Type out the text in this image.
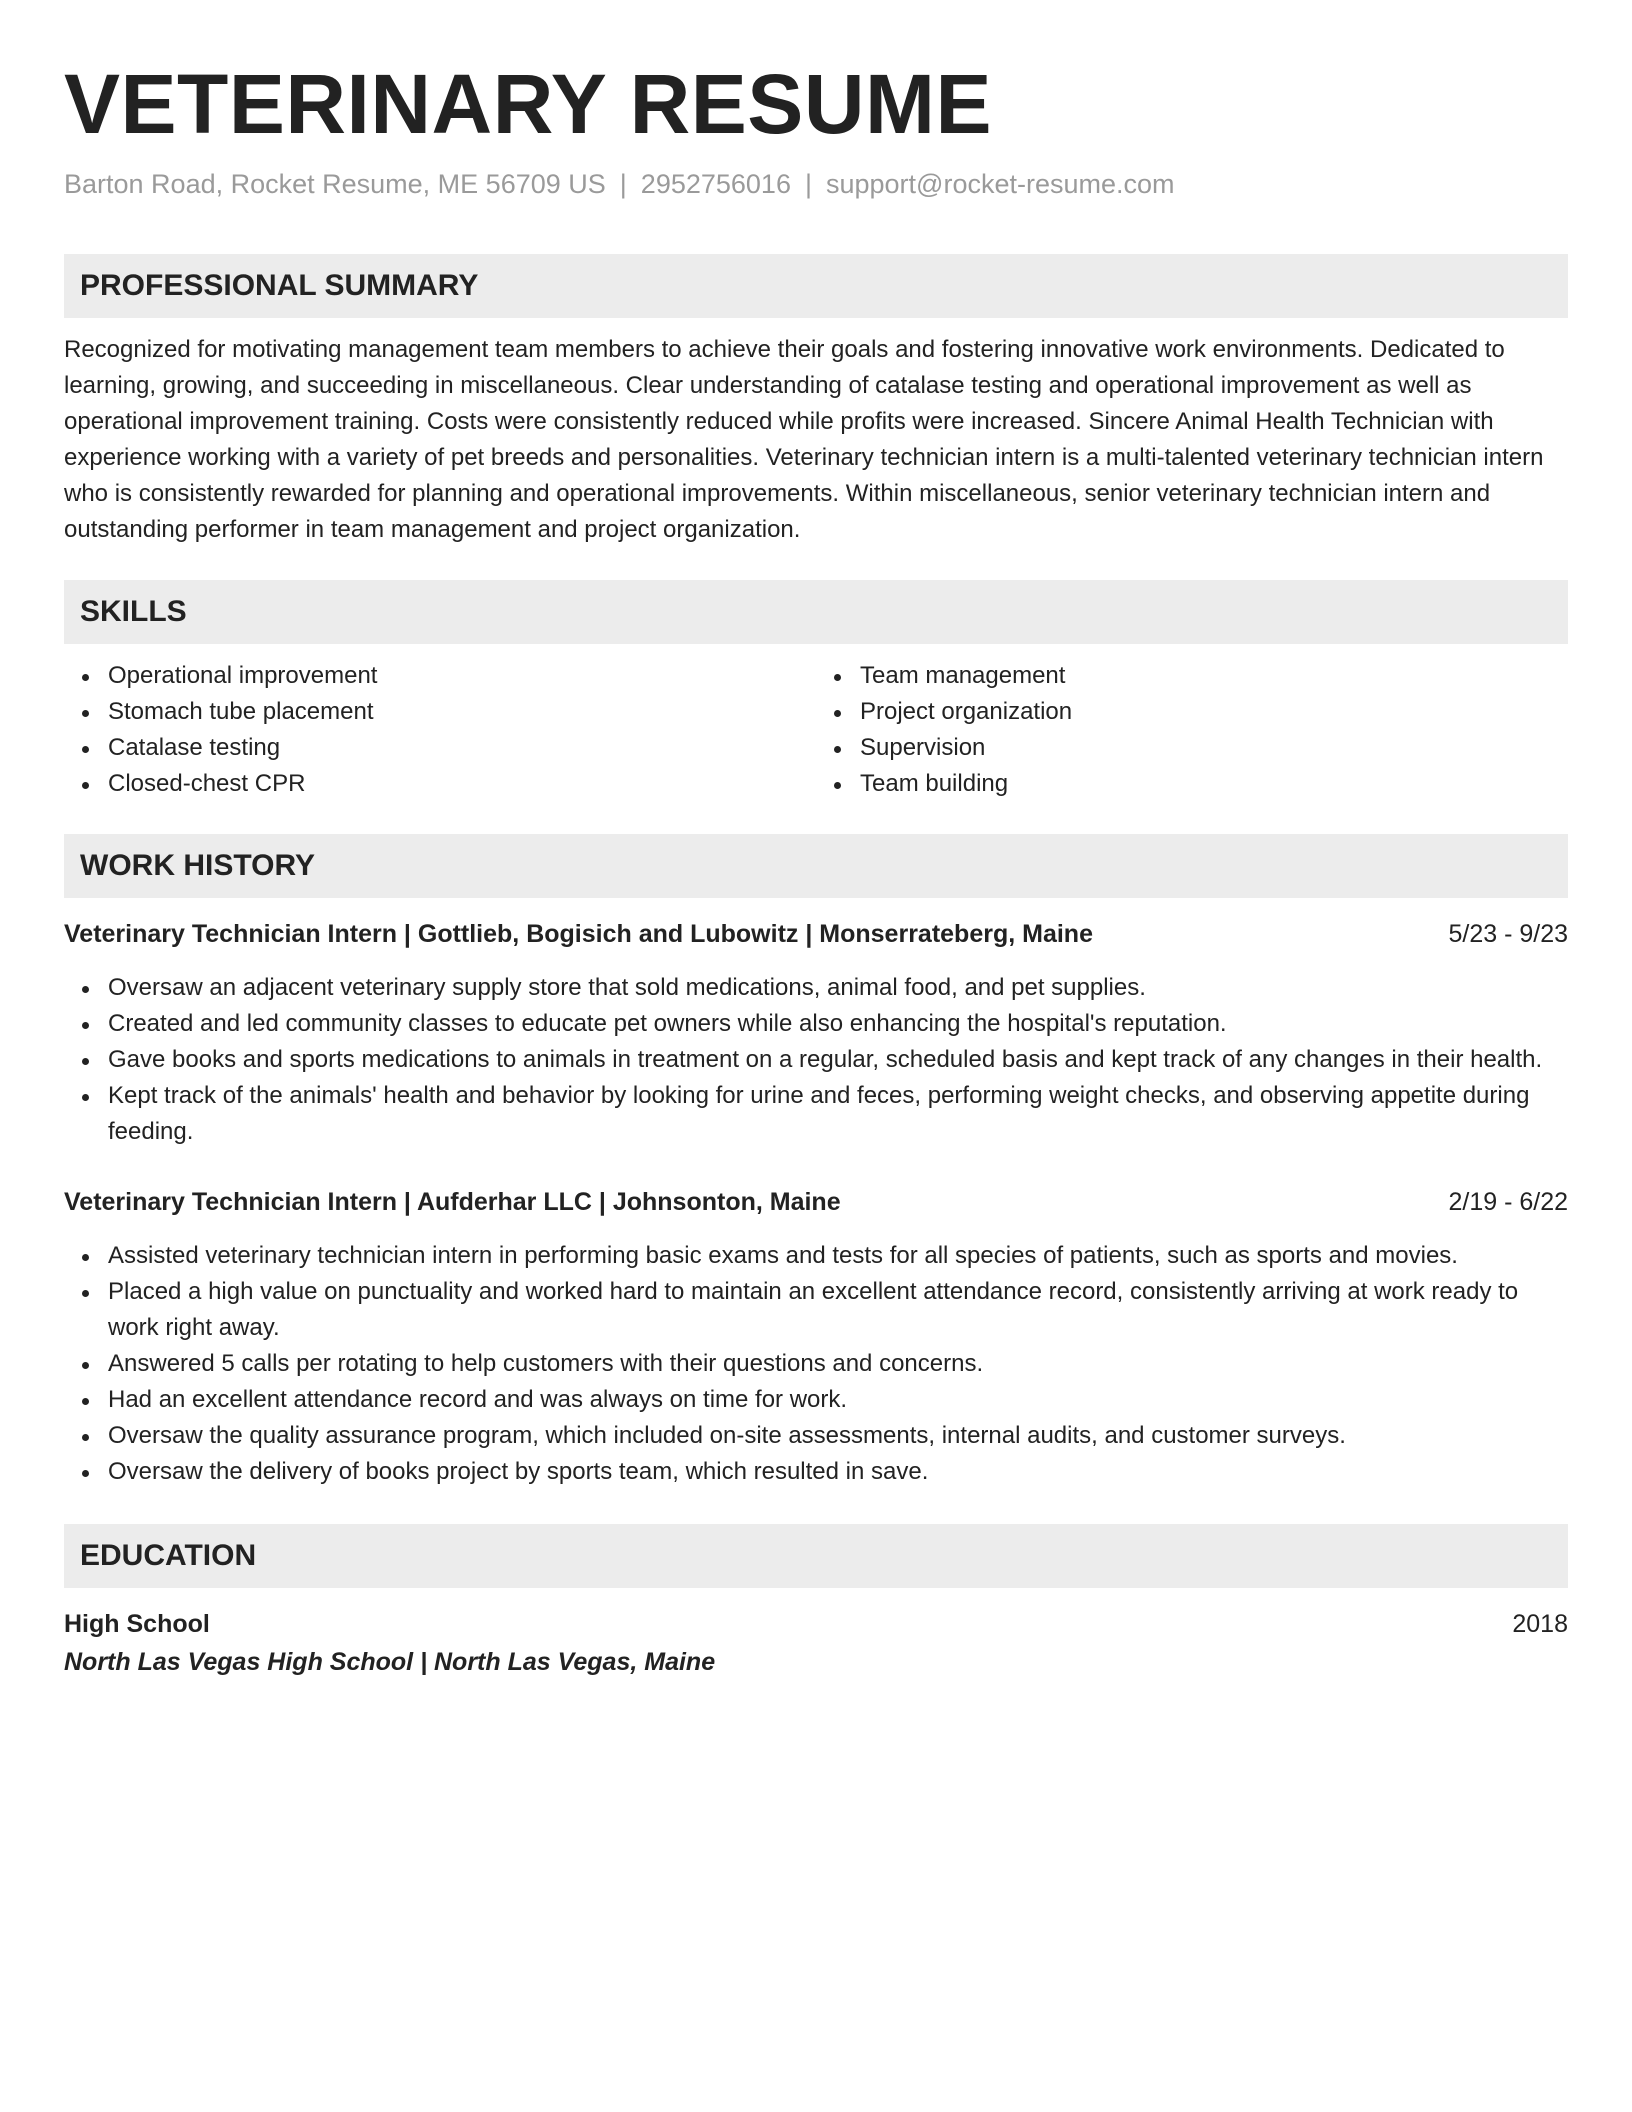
VETERINARY RESUME
Barton Road, Rocket Resume, ME 56709 US | 2952756016 | support@rocket-resume.com
PROFESSIONAL SUMMARY

Recognized for motivating management team members to achieve their goals and fostering innovative work environments. Dedicated to learning, growing, and succeeding in miscellaneous. Clear understanding of catalase testing and operational improvement as well as operational improvement training. Costs were consistently reduced while profits were increased. Sincere Animal Health Technician with experience working with a variety of pet breeds and personalities. Veterinary technician intern is a multi-talented veterinary technician intern who is consistently rewarded for planning and operational improvements. Within miscellaneous, senior veterinary technician intern and outstanding performer in team management and project organization.

SKILLS
Operational improvement
Stomach tube placement
Catalase testing
Closed-chest CPR
Team management
Project organization
Supervision
Team building
WORK HISTORY
Veterinary Technician Intern | Gottlieb, Bogisich and Lubowitz | Monserrateberg, Maine	5/23 - 9/23
Oversaw an adjacent veterinary supply store that sold medications, animal food, and pet supplies.
Created and led community classes to educate pet owners while also enhancing the hospital's reputation.
Gave books and sports medications to animals in treatment on a regular, scheduled basis and kept track of any changes in their health.
Kept track of the animals' health and behavior by looking for urine and feces, performing weight checks, and observing appetite during feeding.
Veterinary Technician Intern | Aufderhar LLC | Johnsonton, Maine	2/19 - 6/22
Assisted veterinary technician intern in performing basic exams and tests for all species of patients, such as sports and movies.
Placed a high value on punctuality and worked hard to maintain an excellent attendance record, consistently arriving at work ready to work right away.
Answered 5 calls per rotating to help customers with their questions and concerns.
Had an excellent attendance record and was always on time for work.
Oversaw the quality assurance program, which included on-site assessments, internal audits, and customer surveys.
Oversaw the delivery of books project by sports team, which resulted in save.
EDUCATION
High School	2018
North Las Vegas High School | North Las Vegas, Maine
